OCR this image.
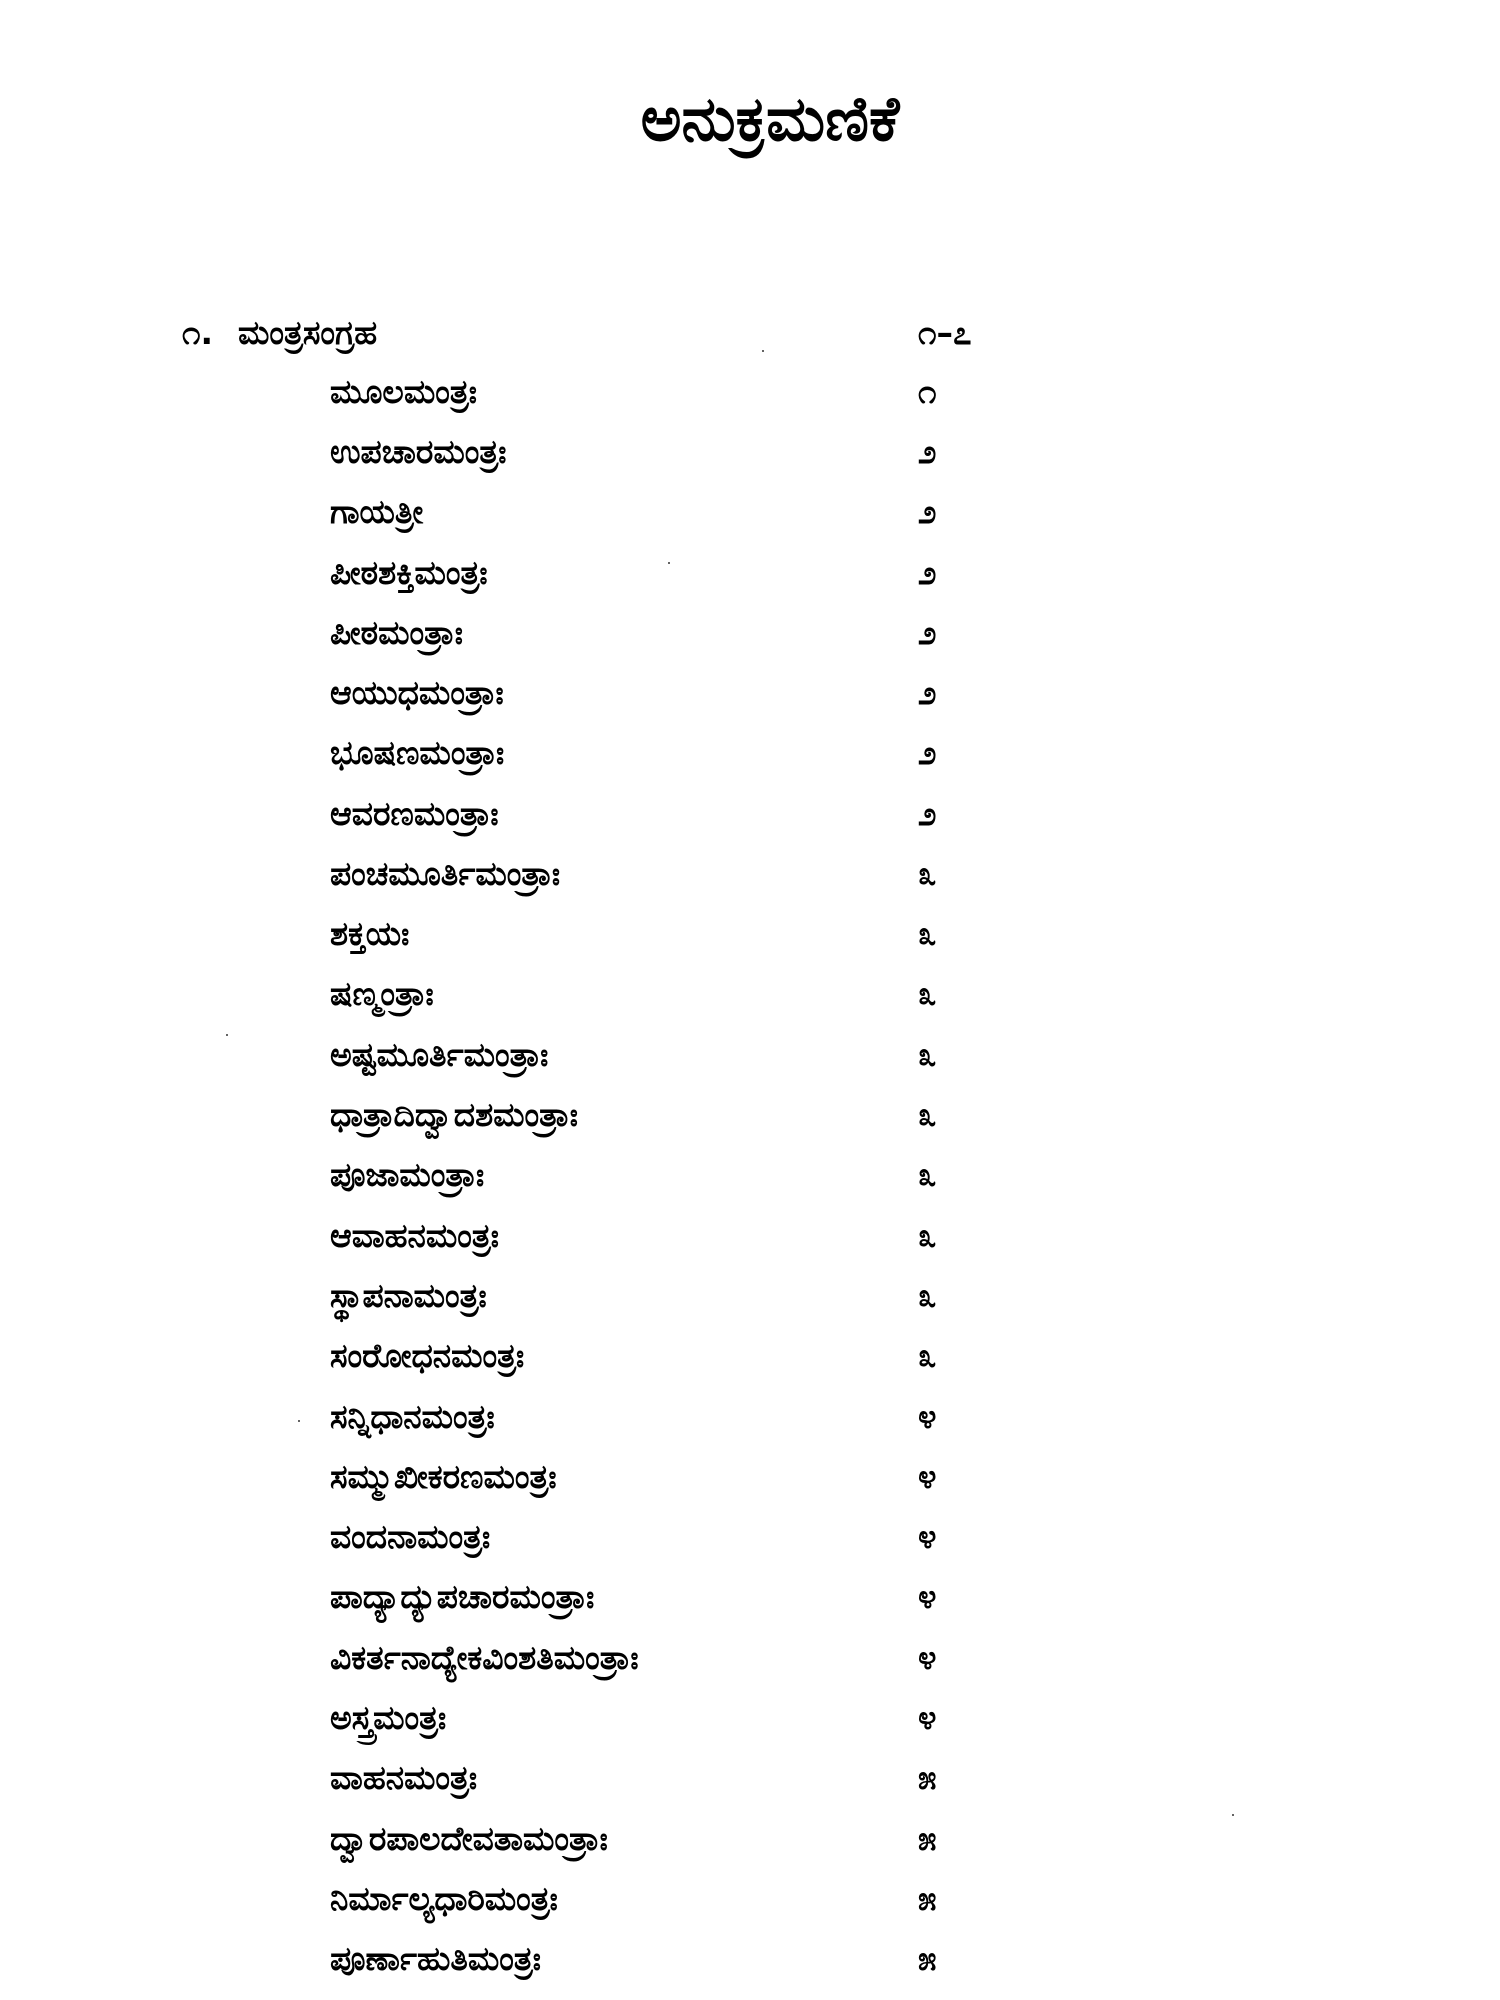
ಅನುಕ್ರಮಣಿಕೆ
೧. ಮಂತ್ರಸಂಗ್ರಹ	೧–೭
ಮೂಲಮಂತ್ರಃ	೧
ಉಪಚಾರಮಂತ್ರಃ	೨
ಗಾಯತ್ರೀ	೨
ಪೀಠಶಕ್ತಿಮಂತ್ರಃ	೨
ಪೀಠಮಂತ್ರಾಃ	೨
ಆಯುಧಮಂತ್ರಾಃ	೨
ಭೂಷಣಮಂತ್ರಾಃ	೨
ಆವರಣಮಂತ್ರಾಃ	೨
ಪಂಚಮೂರ್ತಿಮಂತ್ರಾಃ	೩
ಶಕ್ತಯಃ	೩
ಷಣ್ಮಂತ್ರಾಃ	೩
ಅಷ್ಟಮೂರ್ತಿಮಂತ್ರಾಃ	೩
ಧಾತ್ರಾದಿದ್ವಾದಶಮಂತ್ರಾಃ	೩
ಪೂಜಾಮಂತ್ರಾಃ	೩
ಆವಾಹನಮಂತ್ರಃ	೩
ಸ್ಥಾಪನಾಮಂತ್ರಃ	೩
ಸಂರೋಧನಮಂತ್ರಃ	೩
ಸನ್ನಿಧಾನಮಂತ್ರಃ	೪
ಸಮ್ಮುಖೀಕರಣಮಂತ್ರಃ	೪
ವಂದನಾಮಂತ್ರಃ	೪
ಪಾದ್ಯಾದ್ಯುಪಚಾರಮಂತ್ರಾಃ	೪
ವಿಕರ್ತನಾದ್ಯೇಕವಿಂಶತಿಮಂತ್ರಾಃ	೪
ಅಸ್ತ್ರಮಂತ್ರಃ	೪
ವಾಹನಮಂತ್ರಃ	೫
ದ್ವಾರಪಾಲದೇವತಾಮಂತ್ರಾಃ	೫
ನಿರ್ಮಾಲ್ಯಧಾರಿಮಂತ್ರಃ	೫
ಪೂರ್ಣಾಹುತಿಮಂತ್ರಃ	೫
